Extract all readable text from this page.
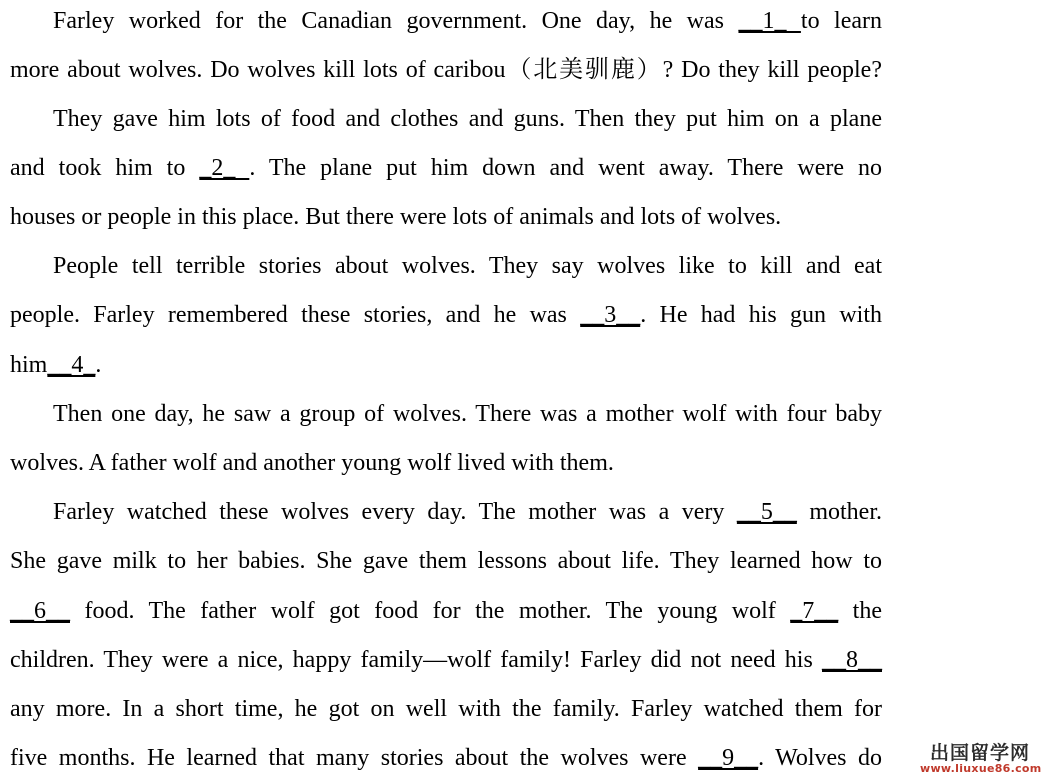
Farley worked for the Canadian government. One day, he was __1_ to learn
more about wolves. Do wolves kill lots of caribou（北美驯鹿）? Do they kill people?
They gave him lots of food and clothes and guns. Then they put him on a plane
and took him to _2_ . The plane put him down and went away. There were no
houses or people in this place. But there were lots of animals and lots of wolves.
People tell terrible stories about wolves. They say wolves like to kill and eat
people. Farley remembered these stories, and he was __3__. He had his gun with
him__4_.
Then one day, he saw a group of wolves. There was a mother wolf with four baby
wolves. A father wolf and another young wolf lived with them.
Farley watched these wolves every day. The mother was a very __5__ mother.
She gave milk to her babies. She gave them lessons about life. They learned how to
__6__ food. The father wolf got food for the mother. The young wolf _7__ the
children. They were a nice, happy family—wolf family! Farley did not need his __8__
any more. In a short time, he got on well with the family. Farley watched them for
five months. He learned that many stories about the wolves were __9__. Wolves do	出国留学网
www.liuxue86.com
